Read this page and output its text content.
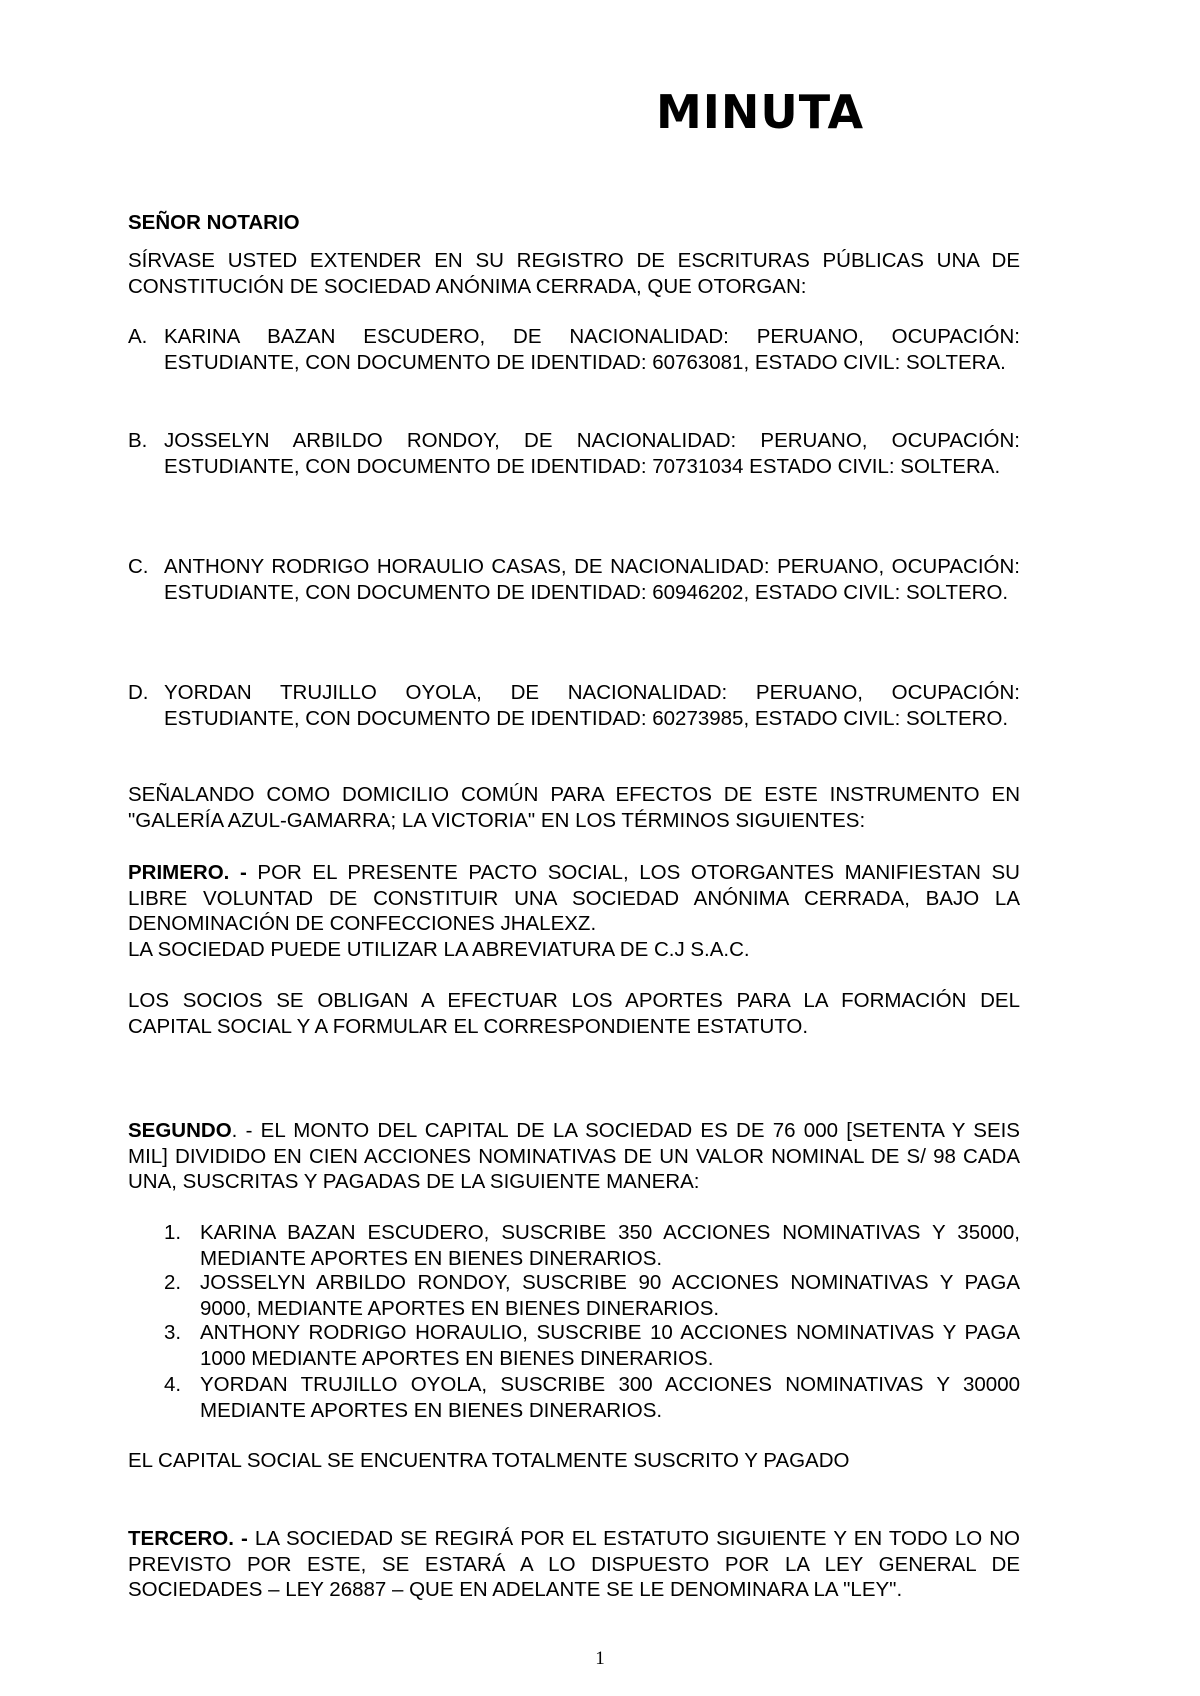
MINUTA

SEÑOR NOTARIO

SÍRVASE USTED EXTENDER EN SU REGISTRO DE ESCRITURAS PÚBLICAS UNA DE CONSTITUCIÓN DE SOCIEDAD ANÓNIMA CERRADA, QUE OTORGAN:

A. KARINA BAZAN ESCUDERO, DE NACIONALIDAD: PERUANO, OCUPACIÓN: ESTUDIANTE, CON DOCUMENTO DE IDENTIDAD: 60763081, ESTADO CIVIL: SOLTERA.
B. JOSSELYN ARBILDO RONDOY, DE NACIONALIDAD: PERUANO, OCUPACIÓN: ESTUDIANTE, CON DOCUMENTO DE IDENTIDAD: 70731034 ESTADO CIVIL: SOLTERA.
C. ANTHONY RODRIGO HORAULIO CASAS, DE NACIONALIDAD: PERUANO, OCUPACIÓN: ESTUDIANTE, CON DOCUMENTO DE IDENTIDAD: 60946202, ESTADO CIVIL: SOLTERO.
D. YORDAN TRUJILLO OYOLA, DE NACIONALIDAD: PERUANO, OCUPACIÓN: ESTUDIANTE, CON DOCUMENTO DE IDENTIDAD: 60273985, ESTADO CIVIL: SOLTERO.

SEÑALANDO COMO DOMICILIO COMÚN PARA EFECTOS DE ESTE INSTRUMENTO EN "GALERÍA AZUL-GAMARRA; LA VICTORIA" EN LOS TÉRMINOS SIGUIENTES:

PRIMERO. - POR EL PRESENTE PACTO SOCIAL, LOS OTORGANTES MANIFIESTAN SU LIBRE VOLUNTAD DE CONSTITUIR UNA SOCIEDAD ANÓNIMA CERRADA, BAJO LA DENOMINACIÓN DE CONFECCIONES JHALEXZ.
LA SOCIEDAD PUEDE UTILIZAR LA ABREVIATURA DE C.J S.A.C.

LOS SOCIOS SE OBLIGAN A EFECTUAR LOS APORTES PARA LA FORMACIÓN DEL CAPITAL SOCIAL Y A FORMULAR EL CORRESPONDIENTE ESTATUTO.

SEGUNDO. - EL MONTO DEL CAPITAL DE LA SOCIEDAD ES DE 76 000 [SETENTA Y SEIS MIL] DIVIDIDO EN CIEN ACCIONES NOMINATIVAS DE UN VALOR NOMINAL DE S/ 98 CADA UNA, SUSCRITAS Y PAGADAS DE LA SIGUIENTE MANERA:

1. KARINA BAZAN ESCUDERO, SUSCRIBE 350 ACCIONES NOMINATIVAS Y 35000, MEDIANTE APORTES EN BIENES DINERARIOS.
2. JOSSELYN ARBILDO RONDOY, SUSCRIBE 90 ACCIONES NOMINATIVAS Y PAGA 9000, MEDIANTE APORTES EN BIENES DINERARIOS.
3. ANTHONY RODRIGO HORAULIO, SUSCRIBE 10 ACCIONES NOMINATIVAS Y PAGA 1000 MEDIANTE APORTES EN BIENES DINERARIOS.
4. YORDAN TRUJILLO OYOLA, SUSCRIBE 300 ACCIONES NOMINATIVAS Y 30000 MEDIANTE APORTES EN BIENES DINERARIOS.

EL CAPITAL SOCIAL SE ENCUENTRA TOTALMENTE SUSCRITO Y PAGADO

TERCERO. - LA SOCIEDAD SE REGIRÁ POR EL ESTATUTO SIGUIENTE Y EN TODO LO NO PREVISTO POR ESTE, SE ESTARÁ A LO DISPUESTO POR LA LEY GENERAL DE SOCIEDADES – LEY 26887 – QUE EN ADELANTE SE LE DENOMINARA LA "LEY".

1
